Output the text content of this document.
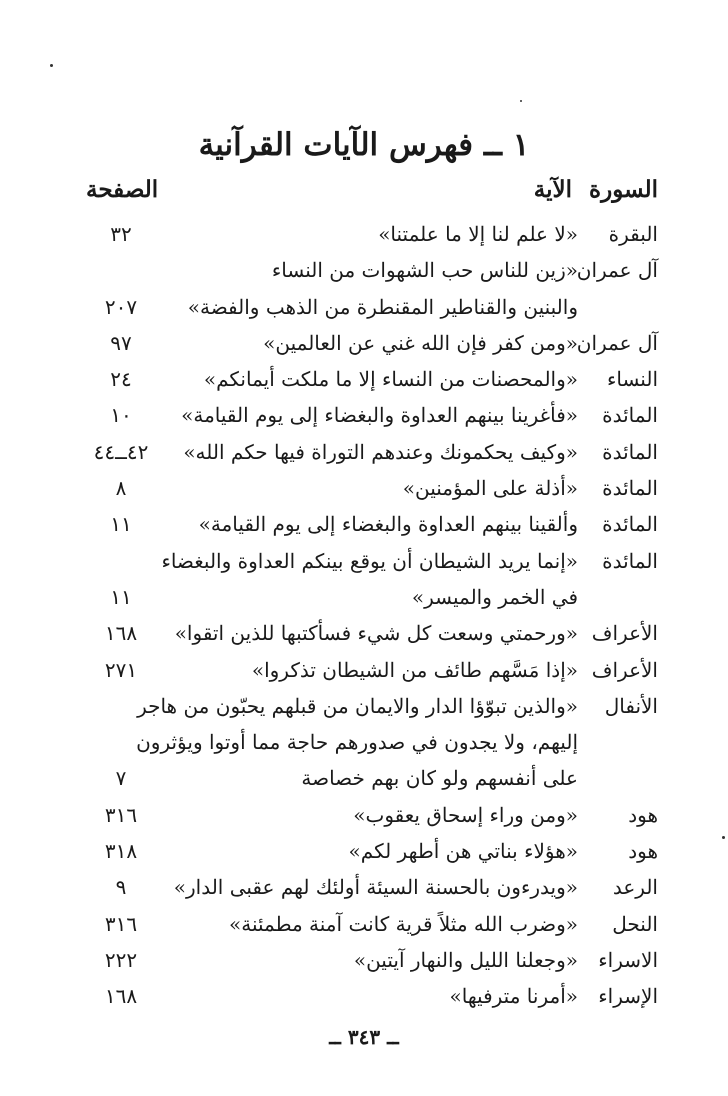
١ ــ فهرس الآيات القرآنية
السورة
الآية
الصفحة
البقرة
«لا علم لنا إلا ما علمتنا»
٣٢
آل عمران
«زين للناس حب الشهوات من النساء
والبنين والقناطير المقنطرة من الذهب والفضة»
٢٠٧
آل عمران
«ومن كفر فإن الله غني عن العالمين»
٩٧
النساء
«والمحصنات من النساء إلا ما ملكت أيمانكم»
٢٤
المائدة
«فأغرينا بينهم العداوة والبغضاء إلى يوم القيامة»
١٠
المائدة
«وكيف يحكمونك وعندهم التوراة فيها حكم الله»
٤٢ــ٤٤
المائدة
«أذلة على المؤمنين»
٨
المائدة
وألقينا بينهم العداوة والبغضاء إلى يوم القيامة»
١١
المائدة
«إنما يريد الشيطان أن يوقع بينكم العداوة والبغضاء
في الخمر والميسر»
١١
الأعراف
«ورحمتي وسعت كل شيء فسأكتبها للذين اتقوا»
١٦٨
الأعراف
«إذا مَسَّهم طائف من الشيطان تذكروا»
٢٧١
الأنفال
«والذين تبوّؤا الدار والايمان من قبلهم يحبّون من هاجر
إليهم، ولا يجدون في صدورهم حاجة مما أوتوا ويؤثرون
على أنفسهم ولو كان بهم خصاصة
٧
هود
«ومن وراء إسحاق يعقوب»
٣١٦
هود
«هؤلاء بناتي هن أطهر لكم»
٣١٨
الرعد
«ويدرءون بالحسنة السيئة أولئك لهم عقبى الدار»
٩
النحل
«وضرب الله مثلاً قرية كانت آمنة مطمئنة»
٣١٦
الاسراء
«وجعلنا الليل والنهار آيتين»
٢٢٢
الإسراء
«أمرنا مترفيها»
١٦٨
ــ ٣٤٣ ــ
